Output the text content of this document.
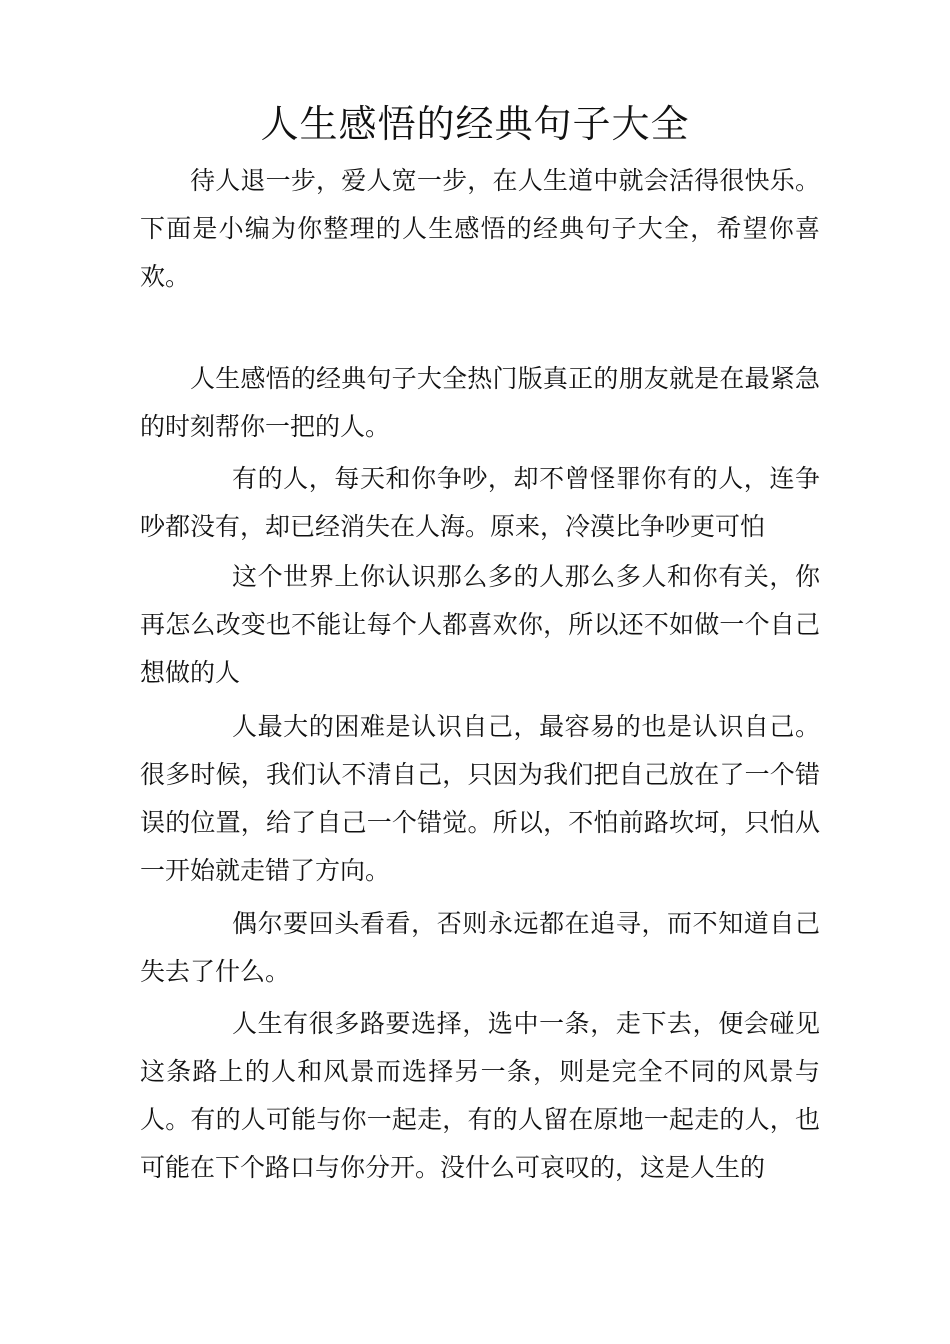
人生感悟的经典句子大全

待人退一步，爱人宽一步，在人生道中就会活得很快乐。下面是小编为你整理的人生感悟的经典句子大全，希望你喜欢。

人生感悟的经典句子大全热门版真正的朋友就是在最紧急的时刻帮你一把的人。

有的人，每天和你争吵，却不曾怪罪你有的人，连争吵都没有，却已经消失在人海。原来，冷漠比争吵更可怕

这个世界上你认识那么多的人那么多人和你有关，你再怎么改变也不能让每个人都喜欢你，所以还不如做一个自己想做的人

人最大的困难是认识自己，最容易的也是认识自己。很多时候，我们认不清自己，只因为我们把自己放在了一个错误的位置，给了自己一个错觉。所以，不怕前路坎坷，只怕从一开始就走错了方向。

偶尔要回头看看，否则永远都在追寻，而不知道自己失去了什么。

人生有很多路要选择，选中一条，走下去，便会碰见这条路上的人和风景而选择另一条，则是完全不同的风景与人。有的人可能与你一起走，有的人留在原地一起走的人，也可能在下个路口与你分开。没什么可哀叹的，这是人生的
